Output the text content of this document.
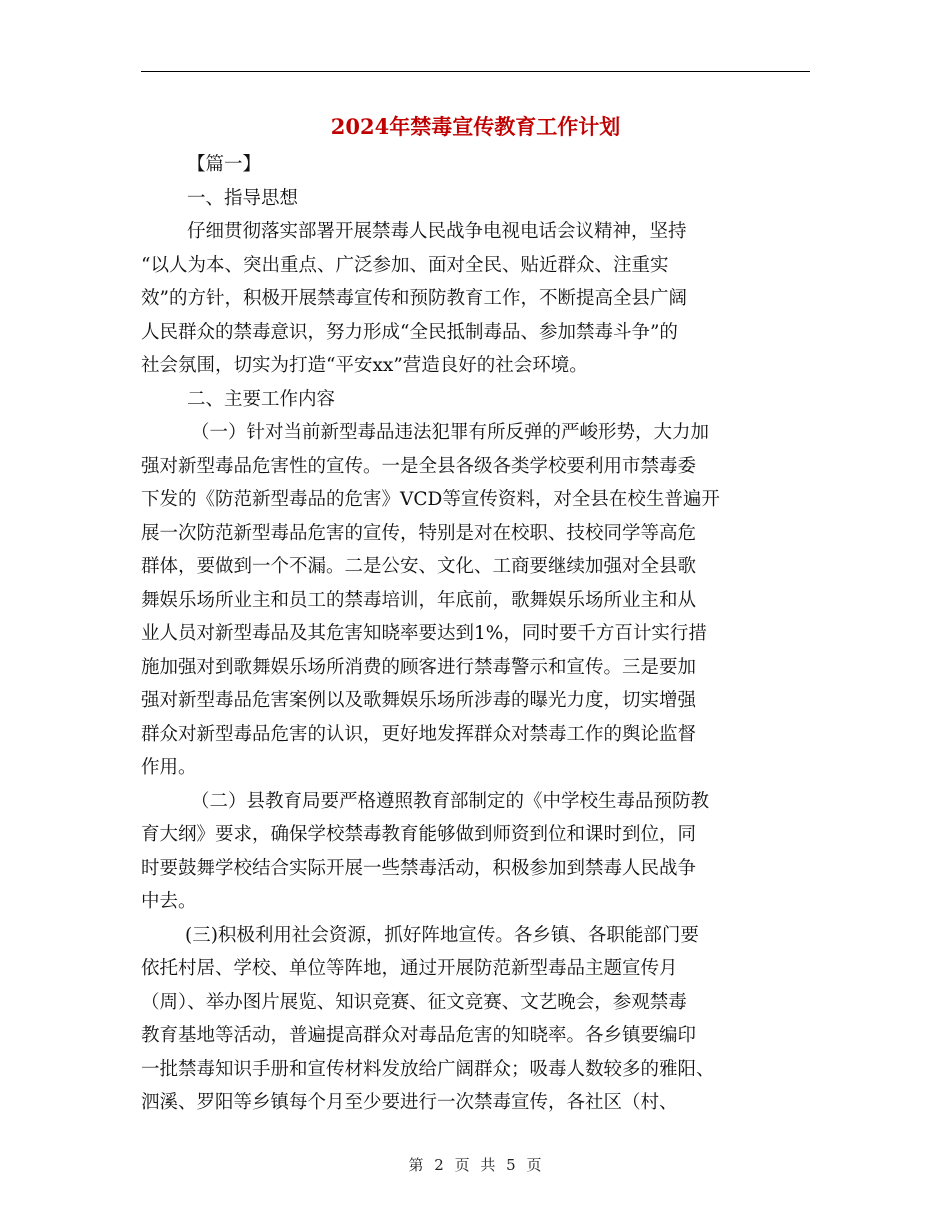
2024年禁毒宣传教育工作计划
【篇一】
一、指导思想
仔细贯彻落实部署开展禁毒人民战争电视电话会议精神，坚持
“以人为本、突出重点、广泛参加、面对全民、贴近群众、注重实
效”的方针，积极开展禁毒宣传和预防教育工作，不断提高全县广阔
人民群众的禁毒意识，努力形成“全民抵制毒品、参加禁毒斗争”的
社会氛围，切实为打造“平安xx”营造良好的社会环境。
二、主要工作内容
（一）针对当前新型毒品违法犯罪有所反弹的严峻形势，大力加
强对新型毒品危害性的宣传。一是全县各级各类学校要利用市禁毒委
下发的《防范新型毒品的危害》VCD等宣传资料，对全县在校生普遍开
展一次防范新型毒品危害的宣传，特别是对在校职、技校同学等高危
群体，要做到一个不漏。二是公安、文化、工商要继续加强对全县歌
舞娱乐场所业主和员工的禁毒培训，年底前，歌舞娱乐场所业主和从
业人员对新型毒品及其危害知晓率要达到1%，同时要千方百计实行措
施加强对到歌舞娱乐场所消费的顾客进行禁毒警示和宣传。三是要加
强对新型毒品危害案例以及歌舞娱乐场所涉毒的曝光力度，切实增强
群众对新型毒品危害的认识，更好地发挥群众对禁毒工作的舆论监督
作用。
（二）县教育局要严格遵照教育部制定的《中学校生毒品预防教
育大纲》要求，确保学校禁毒教育能够做到师资到位和课时到位，同
时要鼓舞学校结合实际开展一些禁毒活动，积极参加到禁毒人民战争
中去。
(三)积极利用社会资源，抓好阵地宣传。各乡镇、各职能部门要
依托村居、学校、单位等阵地，通过开展防范新型毒品主题宣传月
（周）、举办图片展览、知识竞赛、征文竞赛、文艺晚会，参观禁毒
教育基地等活动，普遍提高群众对毒品危害的知晓率。各乡镇要编印
一批禁毒知识手册和宣传材料发放给广阔群众；吸毒人数较多的雅阳、
泗溪、罗阳等乡镇每个月至少要进行一次禁毒宣传，各社区（村、
第 2 页 共 5 页
